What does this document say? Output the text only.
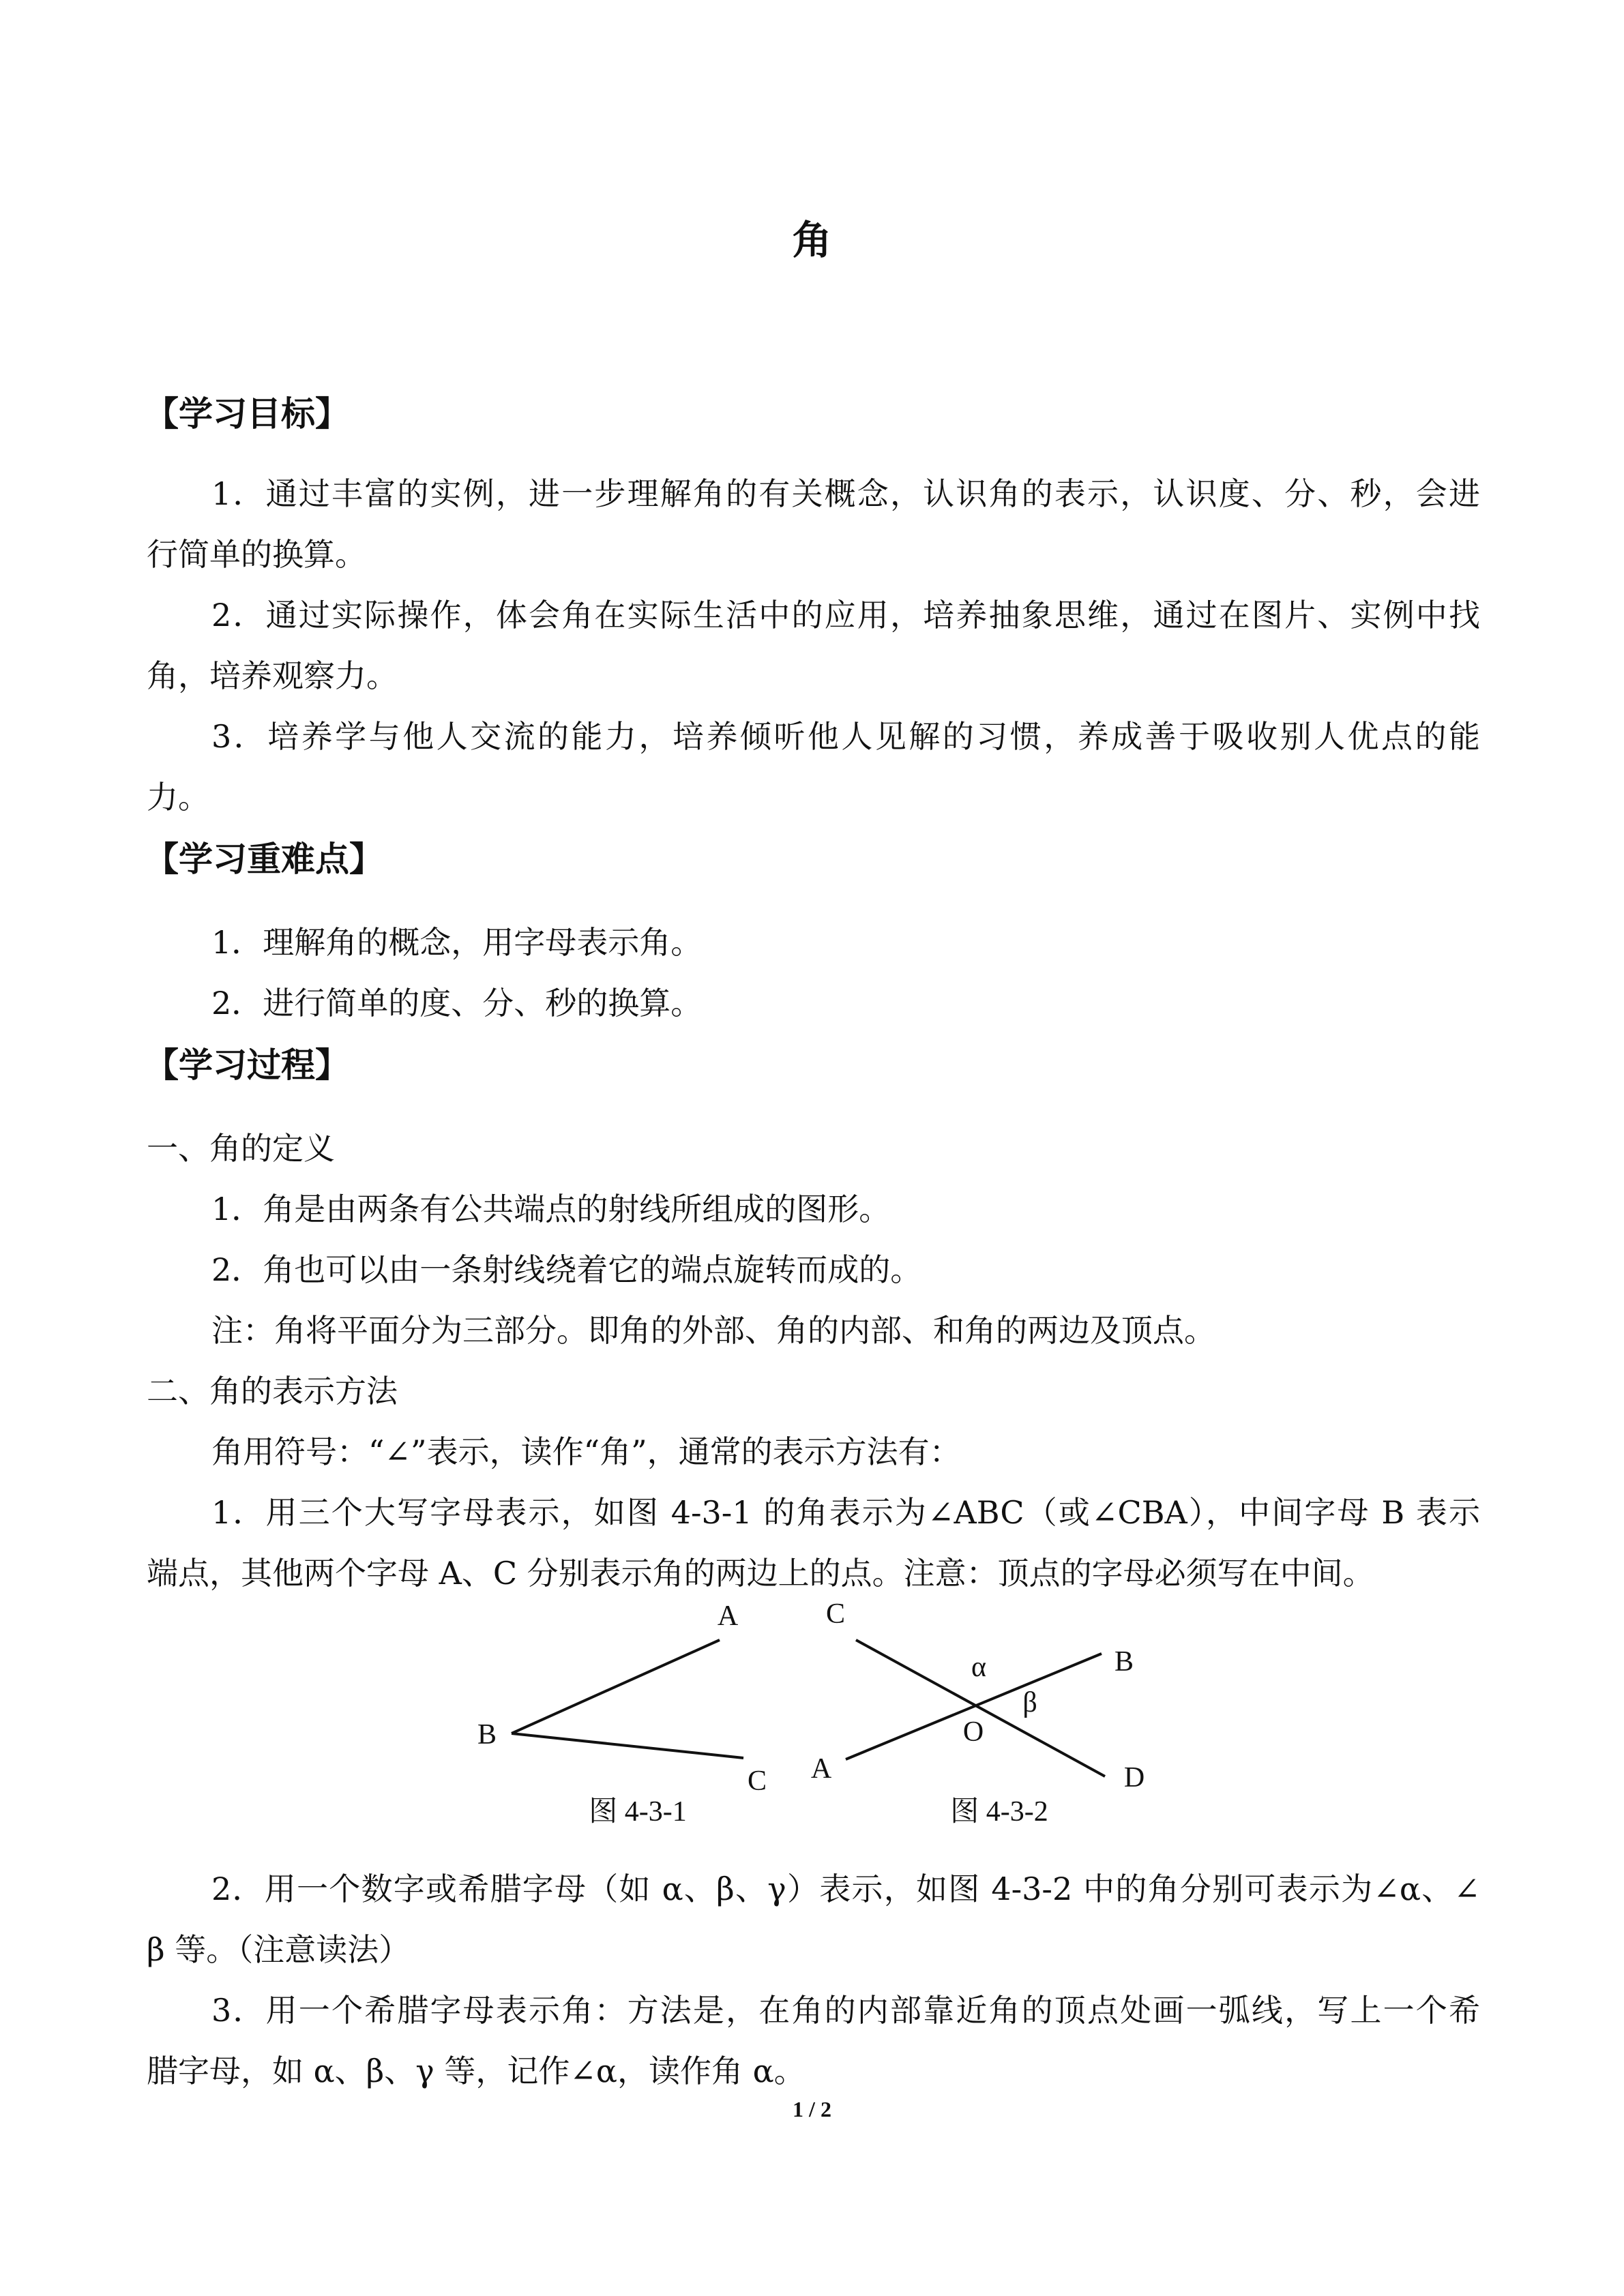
角
【学习目标】
1．通过丰富的实例，进一步理解角的有关概念，认识角的表示，认识度、分、秒，会进
行简单的换算。
2．通过实际操作，体会角在实际生活中的应用，培养抽象思维，通过在图片、实例中找
角，培养观察力。
3．培养学与他人交流的能力，培养倾听他人见解的习惯，养成善于吸收别人优点的能
力。
【学习重难点】
1．理解角的概念，用字母表示角。
2．进行简单的度、分、秒的换算。
【学习过程】
一、角的定义
1．角是由两条有公共端点的射线所组成的图形。
2．角也可以由一条射线绕着它的端点旋转而成的。
注：角将平面分为三部分。即角的外部、角的内部、和角的两边及顶点。
二、角的表示方法
角用符号：“∠”表示，读作“角”，通常的表示方法有：
1．用三个大写字母表示，如图 4-3-1 的角表示为∠ABC（或∠CBA），中间字母 B 表示
端点，其他两个字母 A、C 分别表示角的两边上的点。注意：顶点的字母必须写在中间。
A
B
C
图 4-3-1
C
B
A	D
O
α
β
图 4-3-2
2．用一个数字或希腊字母（如 α、β、γ）表示，如图 4-3-2 中的角分别可表示为∠α、∠
β 等。（注意读法）
3．用一个希腊字母表示角：方法是，在角的内部靠近角的顶点处画一弧线，写上一个希
腊字母，如 α、β、γ 等，记作∠α，读作角 α。
1 / 2
